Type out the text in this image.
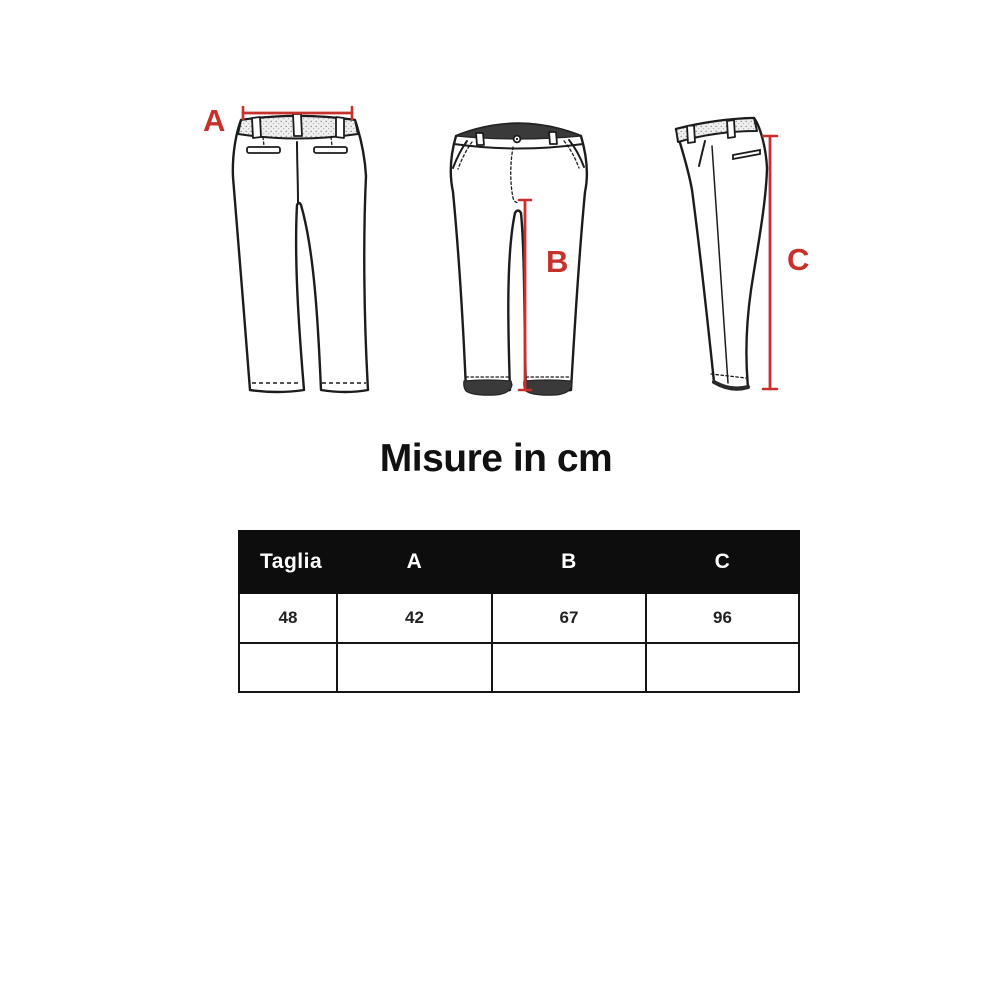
A
B	C
Misure in cm
Taglia	A	B	C
48	42	67	96
